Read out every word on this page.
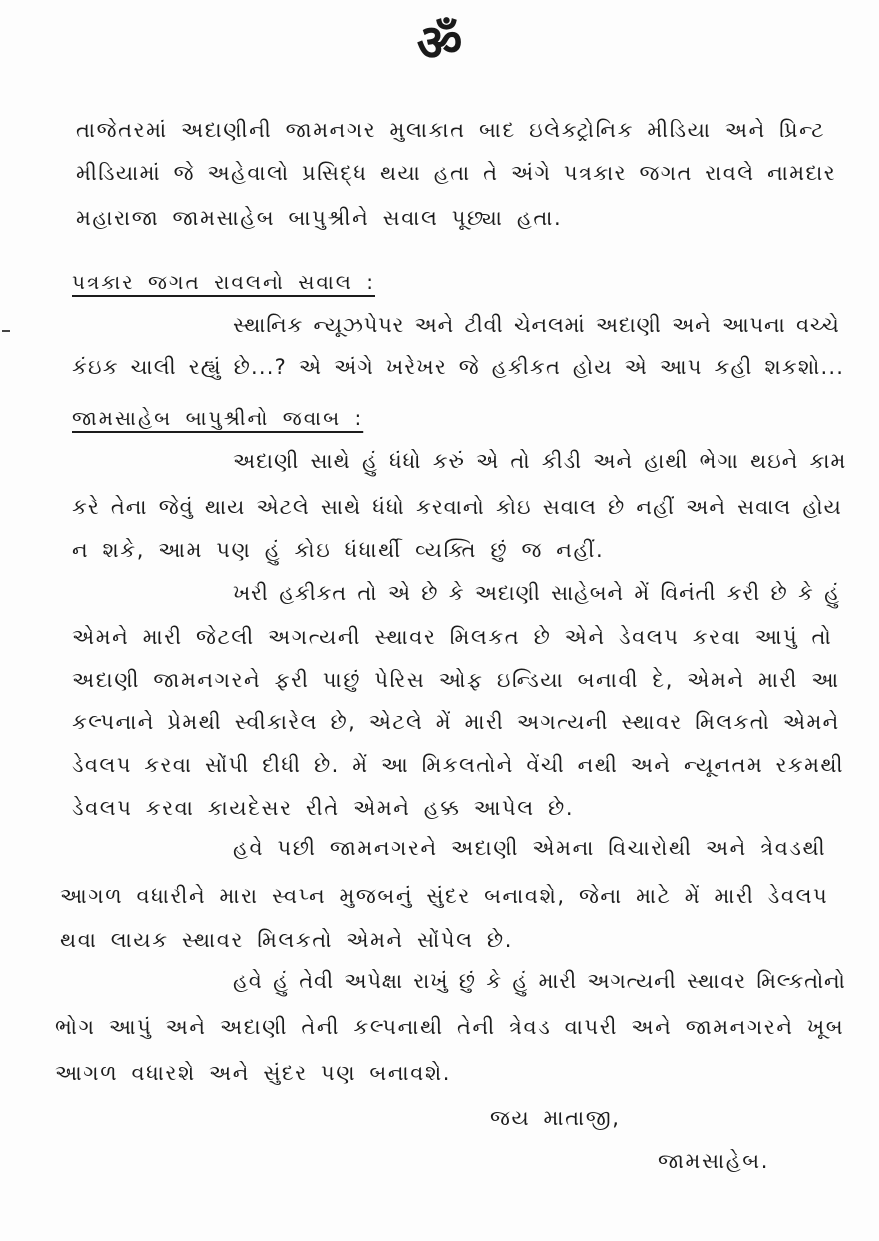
ॐ
તાજેતરમાં અદાણીની જામનગર મુલાકાત બાદ ઇલેક્ટ્રોનિક મીડિયા અને પ્રિન્ટ
મીડિયામાં જે અહેવાલો પ્રસિદ્ધ થયા હતા તે અંગે પત્રકાર જગત રાવલે નામદાર
મહારાજા જામસાહેબ બાપુશ્રીને સવાલ પૂછ્યા હતા.
પત્રકાર જગત રાવલનો સવાલ :
સ્થાનિક ન્યૂઝપેપર અને ટીવી ચેનલમાં અદાણી અને આપના વચ્ચે
કંઇક ચાલી રહ્યું છે...? એ અંગે ખરેખર જે હકીકત હોય એ આપ કહી શકશો...
જામસાહેબ બાપુશ્રીનો જવાબ :
અદાણી સાથે હું ધંધો કરું એ તો કીડી અને હાથી ભેગા થઇને કામ
કરે તેના જેવું થાય એટલે સાથે ધંધો કરવાનો કોઇ સવાલ છે નહીં અને સવાલ હોય
ન શકે, આમ પણ હું કોઇ ધંધાર્થી વ્યક્તિ છું જ નહીં.
ખરી હકીકત તો એ છે કે અદાણી સાહેબને મેં વિનંતી કરી છે કે હું
એમને મારી જેટલી અગત્યની સ્થાવર મિલકત છે એને ડેવલપ કરવા આપું તો
અદાણી જામનગરને ફરી પાછું પેરિસ ઓફ ઇન્ડિયા બનાવી દે, એમને મારી આ
કલ્પનાને પ્રેમથી સ્વીકારેલ છે, એટલે મેં મારી અગત્યની સ્થાવર મિલકતો એમને
ડેવલપ કરવા સોંપી દીધી છે. મેં આ મિકલતોને વેંચી નથી અને ન્યૂનતમ રકમથી
ડેવલપ કરવા કાયદેસર રીતે એમને હક્ક આપેલ છે.
હવે પછી જામનગરને અદાણી એમના વિચારોથી અને ત્રેવડથી
આગળ વધારીને મારા સ્વપ્ન મુજબનું સુંદર બનાવશે, જેના માટે મેં મારી ડેવલપ
થવા લાયક સ્થાવર મિલકતો એમને સોંપેલ છે.
હવે હું તેવી અપેક્ષા રાખું છું કે હું મારી અગત્યની સ્થાવર મિલ્કતોનો
ભોગ આપું અને અદાણી તેની કલ્પનાથી તેની ત્રેવડ વાપરી અને જામનગરને ખૂબ
આગળ વધારશે અને સુંદર પણ બનાવશે.
જય માતાજી,
જામસાહેબ.
